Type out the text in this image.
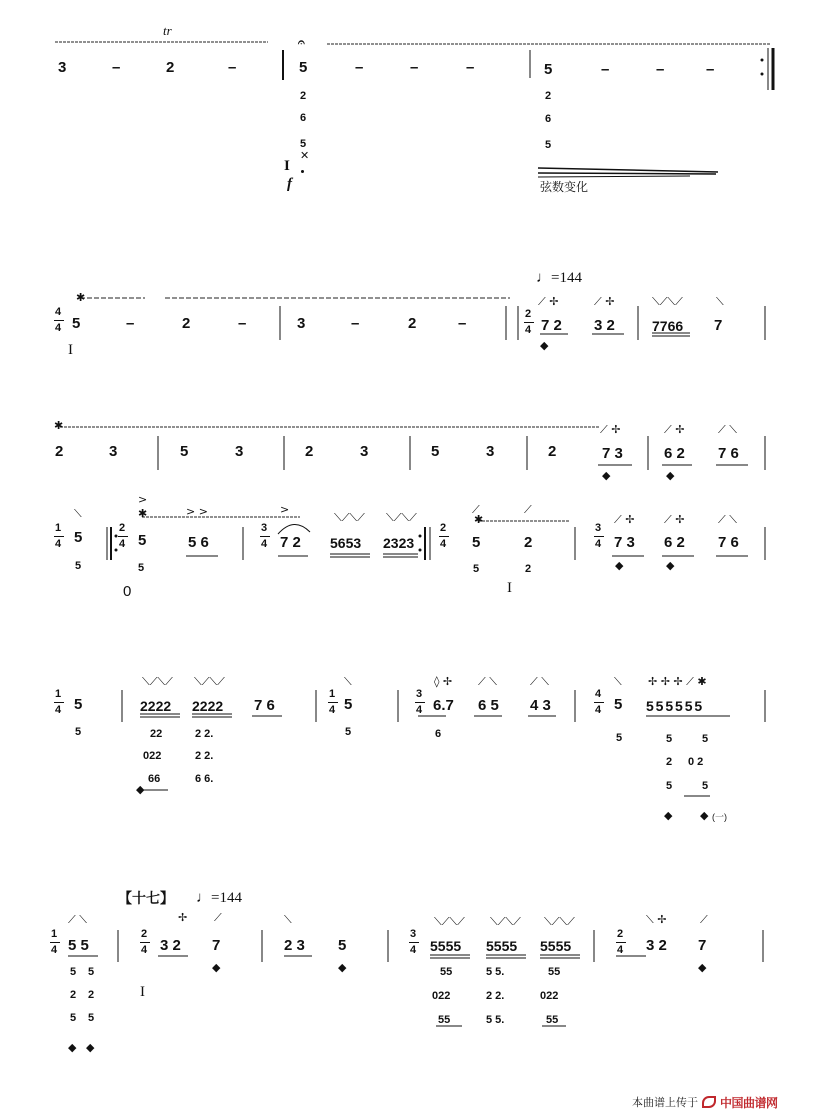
tr
3	–	2	–
𝄐
5	–	–	–
2
6
5
✕
I
f
5	–	–	–
2
6
5
弦数变化
♩=144
✱
4
4 5	–	2	–
I
3	–	2	–
2
4
⟋ ✢
7 2
⟋ ✢
3 2
◆
⟍⟋⟍⟋
7766
⟍
7
✱
2	3	5	3	2	3	5	3	2
⟋ ✢
7 3
◆
⟋ ✢
6 2
◆
⟋ ⟍
7 6
1
4
⟍
5
5
>
✱
2
4 5
> >
5 6
0
5
3
4
>
7 2
⟍⟋⟍⟋
5653
⟍⟋⟍⟋
2323
2
4
⟋
✱
5
⟋
2
5	2
I
3
4
⟋ ✢
7 3
◆
⟋ ✢
6 2
◆
⟋ ⟍
7 6
1
4 5
5
⟍⟋⟍⟋
2222
⟍⟋⟍⟋
2222 7 6
22
022
66
2 2.
2 2.
6 6.
◆
1
4
⟍
5
5
3
4
◊ ✢
6.7
6
⟋ ⟍
6 5
⟋ ⟍
4 3
4
4
⟍
5
✢ ✢ ✢ ⟋ ✱
5 5 5 5 5 5
5	5
2
5
5
0 2
5
◆	◆ (一)
【十七】 ♩=144
1
4
⟋ ⟍
5 5
5
2
5
5
2
5
◆ ◆
2
4
✢
3 2
⟋
7
◆
I
⟍
2 3 5
◆
3
4
⟍⟋⟍⟋
5555
⟍⟋⟍⟋
5555
⟍⟋⟍⟋
5555
55
022
55
5 5.
2 2.
5 5.
55
022
55
2
4
⟍ ✢
3 2
⟋
7
◆
本曲谱上传于 中国曲谱网
